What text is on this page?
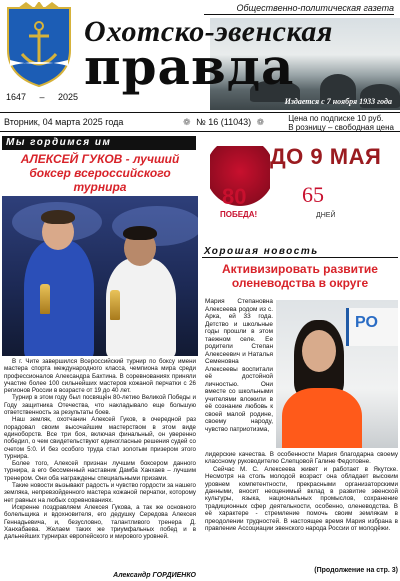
1647 – 2025
Общественно-политическая газета
Охотско-эвенская
правда
Издается с 7 ноября 1933 года
Вторник, 04 марта 2025 года	❁ № 16 (11043) ❁	Цена по подписке 10 руб.
В розницу – свободная цена
Мы гордимся им
АЛЕКСЕЙ ГУКОВ - лучший боксер всероссийского турнира

В г. Чите завершился Всероссийский турнир по боксу имени мастера спорта международного класса, чемпиона мира среди профессионалов Александра Бахтина. В соревнованиях приняли участие более 100 сильнейших мастеров кожаной перчатки с 26 регионов России в возрасте от 19 до 40 лет.

Турнир в этом году был посвящён 80-летию Великой Победы и Году защитника Отечества, что накладывало еще большую ответственность за результаты боев.

Наш земляк, охотчанин Алексей Гуков, в очередной раз порадовал своим высочайшим мастерством в этом виде единоборств. Все три боя, включая финальный, он уверенно победил, о чем свидетельствуют единогласные решения судей со счетом 5:0. И без особого труда стал золотым призером этого турнира.

Более того, Алексей признан лучшим боксером данного турнира, а его бессменный наставник Дамба Ханхаев – лучшим тренером. Они оба награждены специальными призами.

Такие новости вызывают радость и чувство гордости за нашего земляка, непревзойденного мастера кожаной перчатки, которому нет равных на любых соревнованиях.

Искренне поздравляем Алексея Гукова, а так же основного болельщика и вдохновителя, его дедушку Середова Алексея Геннадьевича, и, безусловно, талантливого тренера Д. Ханхабаева. Желаем таких же триумфальных побед и в дальнейших турнирах европейского и мирового уровней.

Александр ГОРДИЕНКО
80
ПОБЕДА!
ДО 9 МАЯ
65
ДНЕЙ
Хорошая новость
Активизировать развитие оленеводства в округе
Мария Степановна Алексеева родом из с. Арка, ей 33 года. Детство и школьные годы прошли в этом таежном селе. Ее родители Степан Алексеевич и Наталья Семеновна Алексеевы воспитали её достойной личностью. Они вместе со школьными учителями вложили в её сознание любовь к своей малой родине, своему народу, чувство патриотизма,
РО

лидерские качества. В особенности Мария благодарна своему классному руководителю Слепцовой Галине Федотовне.

Сейчас М. С. Алексеева живет и работает в Якутске. Несмотря на столь молодой возраст она обладает высоким уровнем компетентности, прекрасными организаторскими данными, вносит неоценимый вклад в развитие эвенской культуры, языка, национальных промыслов, сохранение традиционных сфер деятельности, особенно, оленеводства. В её характере - стремление помочь своим землякам в преодолении трудностей. В настоящее время Мария избрана в правление Ассоциации эвенского народа России от молодёжи.

(Продолжение на стр. 3)
